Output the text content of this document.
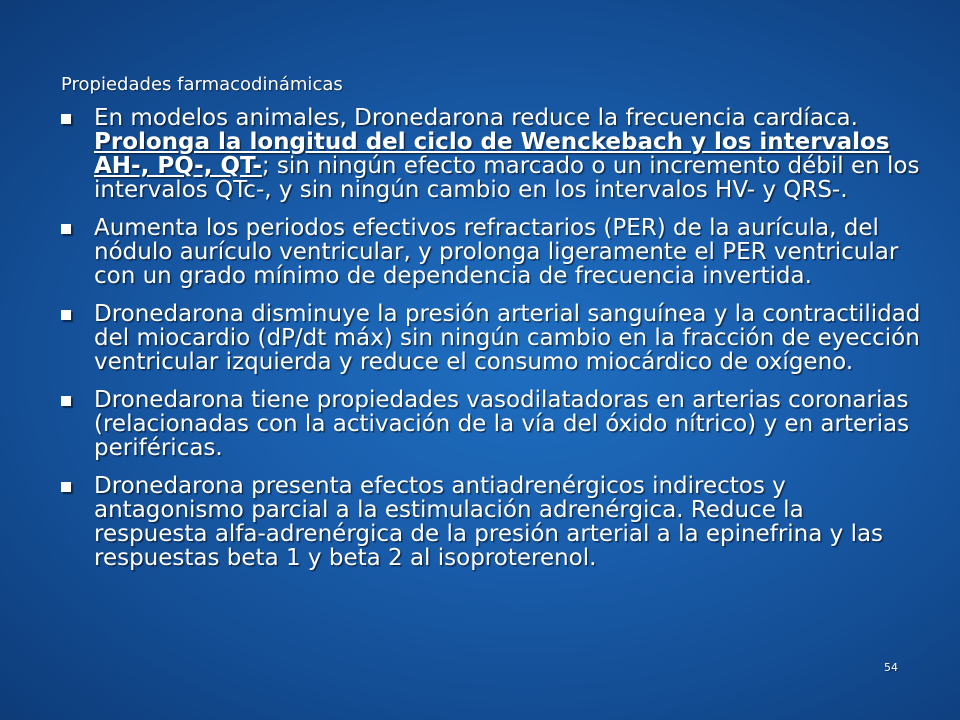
Propiedades farmacodinámicas
En modelos animales, Dronedarona reduce la frecuencia cardíaca. Prolonga la longitud del ciclo de Wenckebach y los intervalos AH-, PQ-, QT-; sin ningún efecto marcado o un incremento débil en los intervalos QTc-, y sin ningún cambio en los intervalos HV- y QRS-.
Aumenta los periodos efectivos refractarios (PER) de la aurícula, del nódulo aurículo ventricular, y prolonga ligeramente el PER ventricular con un grado mínimo de dependencia de frecuencia invertida.
Dronedarona disminuye la presión arterial sanguínea y la contractilidad del miocardio (dP/dt máx) sin ningún cambio en la fracción de eyección ventricular izquierda y reduce el consumo miocárdico de oxígeno.
Dronedarona tiene propiedades vasodilatadoras en arterias coronarias (relacionadas con la activación de la vía del óxido nítrico) y en arterias periféricas.
Dronedarona presenta efectos antiadrenérgicos indirectos y antagonismo parcial a la estimulación adrenérgica. Reduce la respuesta alfa-adrenérgica de la presión arterial a la epinefrina y las respuestas beta 1 y beta 2 al isoproterenol.
54
